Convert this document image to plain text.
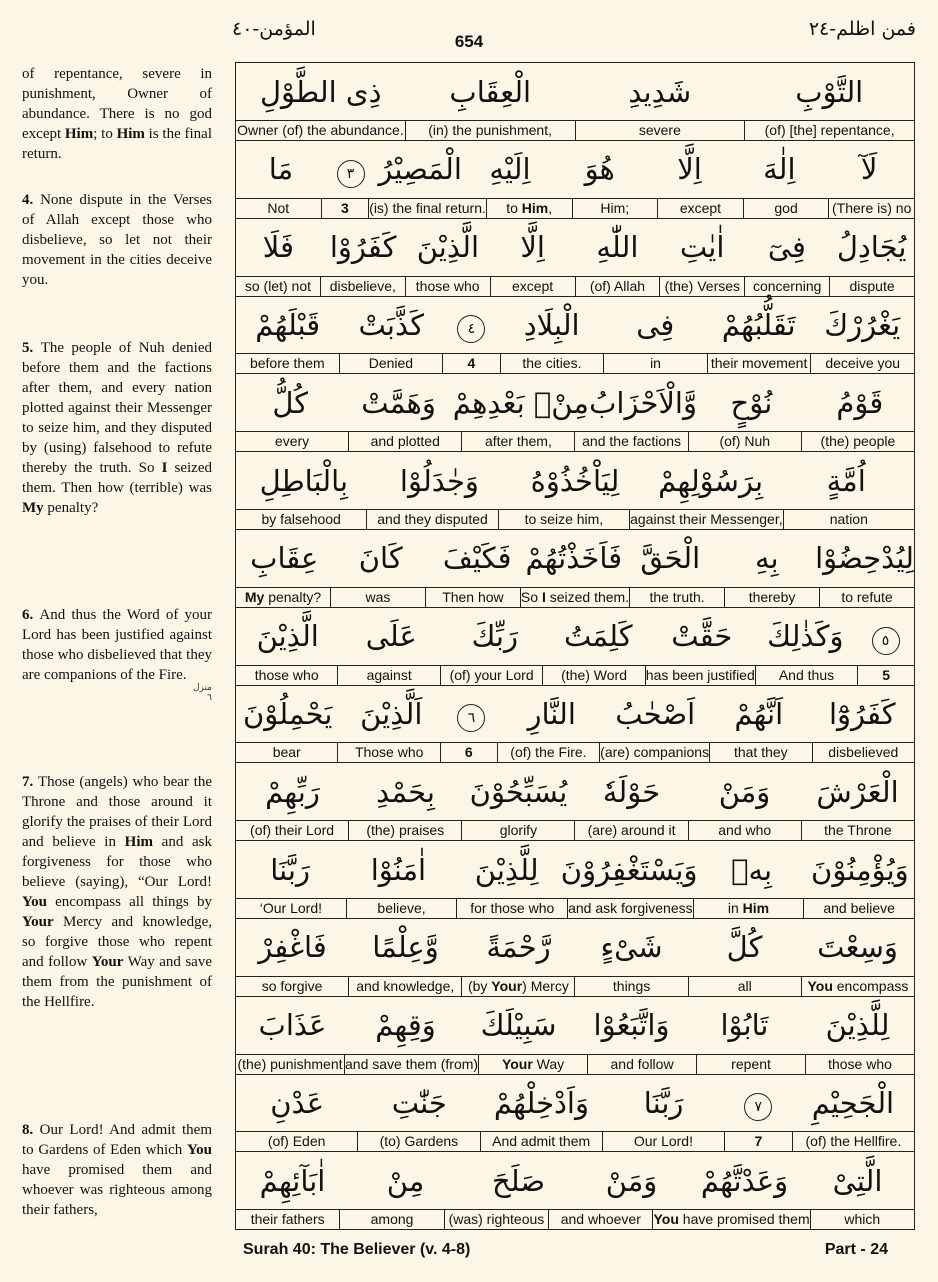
654
المؤمن-٤٠	فمن اظلم-٢٤

of repentance, severe in punishment, Owner of abundance. There is no god except Him; to Him is the final return.

4. None dispute in the Verses of Allah except those who disbelieve, so let not their movement in the cities deceive you.

5. The people of Nuh denied before them and the factions after them, and every nation plotted against their Messenger to seize him, and they disputed by (using) falsehood to refute thereby the truth. So I seized them. Then how (terrible) was My penalty?

6. And thus the Word of your Lord has been justified against those who disbelieved that they are companions of the Fire.

7. Those (angels) who bear the Throne and those around it glorify the praises of their Lord and believe in Him and ask forgiveness for those who believe (saying), “Our Lord! You encompass all things by Your Mercy and knowledge, so forgive those who repent and follow Your Way and save them from the punishment of the Hellfire.

8. Our Lord! And admit them to Gardens of Eden which You have promised them and whoever was righteous among their fathers,

منزل ٦
التَّوْبِ
شَدِيدِ
الْعِقَابِ
ذِى الطَّوْلِ
(of) [the] repentance,
severe
(in) the punishment,
Owner (of) the abundance.
لَآ
اِلٰهَ
اِلَّا
هُوَ
اِلَيْهِ
الْمَصِيْرُ
٣
مَا
(There is) no
god
except
Him;
to Him,
(is) the final return.
3
Not
يُجَادِلُ
فِىٓ
اٰيٰتِ
اللّٰهِ
اِلَّا
الَّذِيْنَ
كَفَرُوْا
فَلَا
dispute
concerning
(the) Verses
(of) Allah
except
those who
disbelieve,
so (let) not
يَغْرُرْكَ
تَقَلُّبُهُمْ
فِى
الْبِلَادِ
٤
كَذَّبَتْ
قَبْلَهُمْ
deceive you
their movement
in
the cities.
4
Denied
before them
قَوْمُ
نُوْحٍ
وَّالْاَحْزَابُ
مِنْۢ بَعْدِهِمْ
وَهَمَّتْ
كُلُّ
(the) people
(of) Nuh
and the factions
after them,
and plotted
every
اُمَّةٍ
بِرَسُوْلِهِمْ
لِيَاْخُذُوْهُ
وَجٰدَلُوْا
بِالْبَاطِلِ
nation
against their Messenger,
to seize him,
and they disputed
by falsehood
لِيُدْحِضُوْا
بِهِ
الْحَقَّ
فَاَخَذْتُهُمْ
فَكَيْفَ
كَانَ
عِقَابِ
to refute
thereby
the truth.
So I seized them.
Then how
was
My penalty?
٥
وَكَذٰلِكَ
حَقَّتْ
كَلِمَتُ
رَبِّكَ
عَلَى
الَّذِيْنَ
5
And thus
has been justified
(the) Word
(of) your Lord
against
those who
كَفَرُوْٓا
اَنَّهُمْ
اَصْحٰبُ
النَّارِ
٦
اَلَّذِيْنَ
يَحْمِلُوْنَ
disbelieved
that they
(are) companions
(of) the Fire.
6
Those who
bear
الْعَرْشَ
وَمَنْ
حَوْلَهٗ
يُسَبِّحُوْنَ
بِحَمْدِ
رَبِّهِمْ
the Throne
and who
(are) around it
glorify
(the) praises
(of) their Lord
وَيُؤْمِنُوْنَ
بِهٖ
وَيَسْتَغْفِرُوْنَ
لِلَّذِيْنَ
اٰمَنُوْا
رَبَّنَا
and believe
in Him
and ask forgiveness
for those who
believe,
‘Our Lord!
وَسِعْتَ
كُلَّ
شَىْءٍ
رَّحْمَةً
وَّعِلْمًا
فَاغْفِرْ
You encompass
all
things
(by Your) Mercy
and knowledge,
so forgive
لِلَّذِيْنَ
تَابُوْا
وَاتَّبَعُوْا
سَبِيْلَكَ
وَقِهِمْ
عَذَابَ
those who
repent
and follow
Your Way
and save them (from)
(the) punishment
الْجَحِيْمِ
٧
رَبَّنَا
وَاَدْخِلْهُمْ
جَنّٰتِ
عَدْنِ
(of) the Hellfire.
7
Our Lord!
And admit them
(to) Gardens
(of) Eden
الَّتِىْ
وَعَدْتَّهُمْ
وَمَنْ
صَلَحَ
مِنْ
اٰبَآئِهِمْ
which
You have promised them
and whoever
(was) righteous
among
their fathers
Surah 40: The Believer (v. 4-8)	Part - 24
